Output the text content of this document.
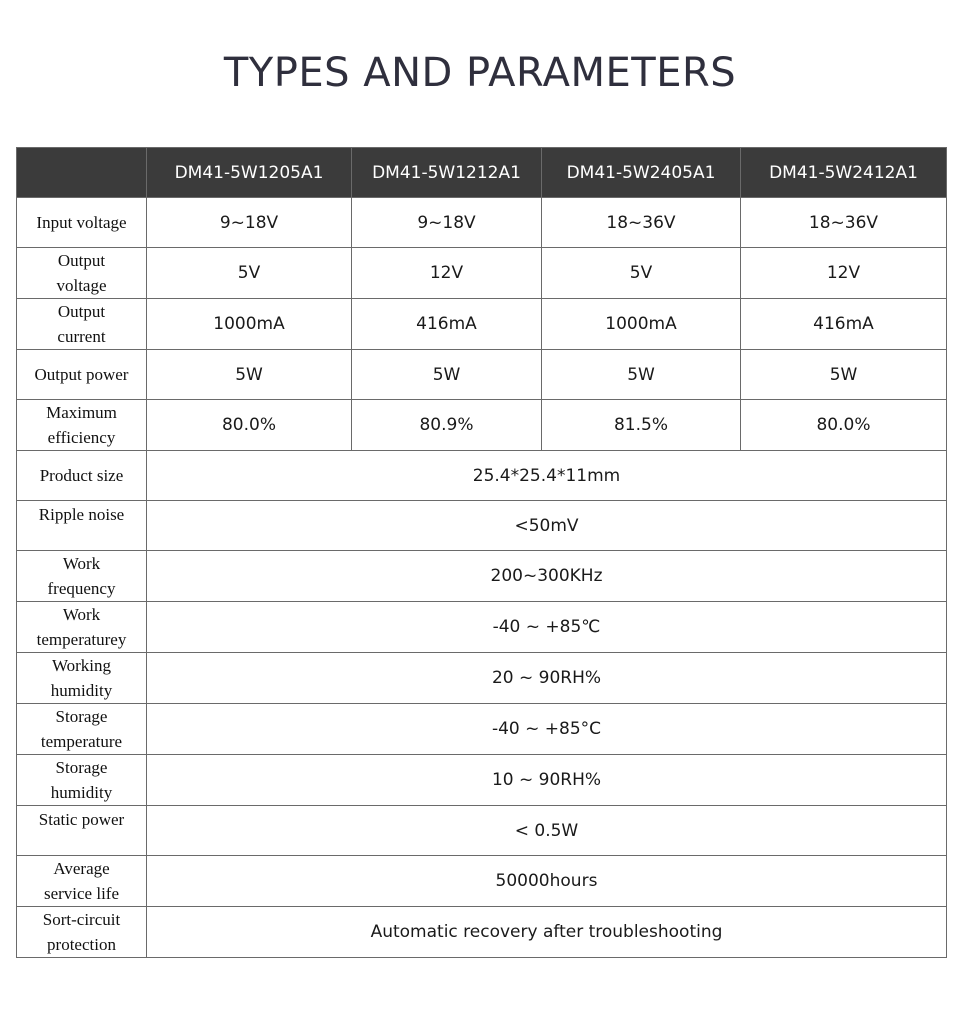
TYPES AND PARAMETERS
	DM41-5W1205A1	DM41-5W1212A1	DM41-5W2405A1	DM41-5W2412A1
Input voltage	9~18V	9~18V	18~36V	18~36V
Output voltage	5V	12V	5V	12V
Output current	1000mA	416mA	1000mA	416mA
Output power	5W	5W	5W	5W
Maximum efficiency	80.0%	80.9%	81.5%	80.0%
Product size	25.4*25.4*11mm			
Ripple noise	<50mV			
Work frequency	200~300KHz			
Work temperaturey	-40 ~ +85℃			
Working humidity	20 ~ 90RH%			
Storage temperature	-40 ~ +85°C			
Storage humidity	10 ~ 90RH%			
Static power	< 0.5W			
Average service life	50000hours			
Sort-circuit protection	Automatic recovery after troubleshooting			
